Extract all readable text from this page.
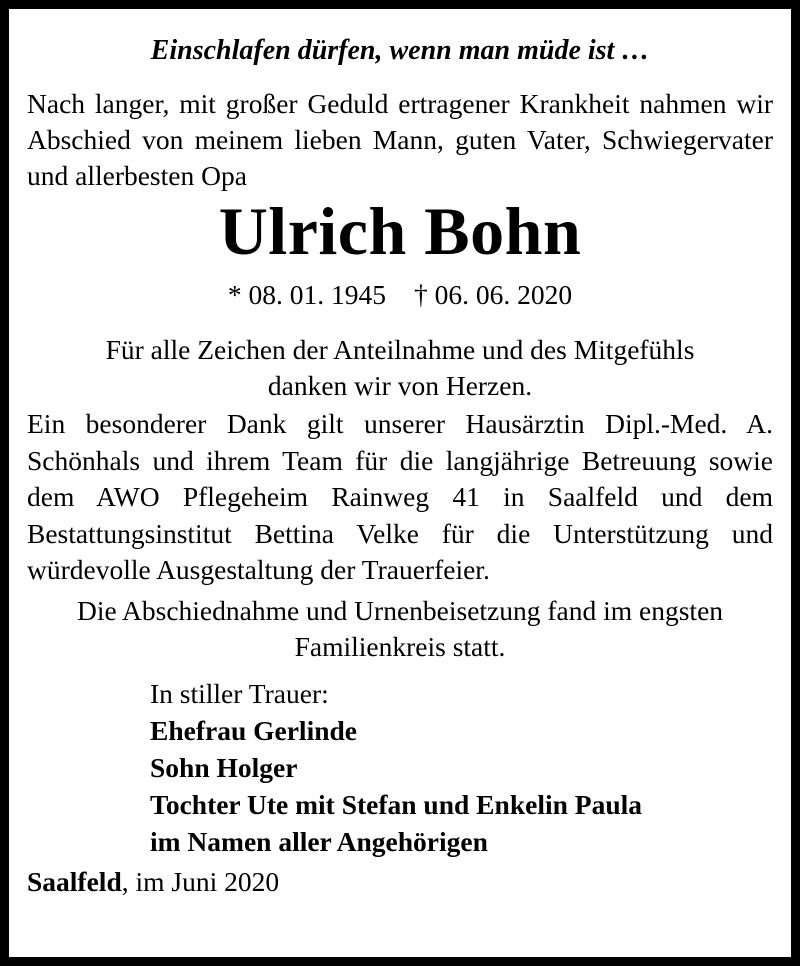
Einschlafen dürfen, wenn man müde ist …

Nach langer, mit großer Geduld ertragener Krankheit nahmen wir Abschied von meinem lieben Mann, guten Vater, Schwiegervater und allerbesten Opa

Ulrich Bohn

* 08. 01. 1945 † 06. 06. 2020

Für alle Zeichen der Anteilnahme und des Mitgefühls
danken wir von Herzen.

Ein besonderer Dank gilt unserer Hausärztin Dipl.-Med. A. Schönhals und ihrem Team für die langjährige Betreuung sowie dem AWO Pflegeheim Rainweg 41 in Saalfeld und dem Bestattungsinstitut Bettina Velke für die Unterstützung und würdevolle Ausgestaltung der Trauerfeier.

Die Abschiednahme und Urnenbeisetzung fand im engsten
Familienkreis statt.

In stiller Trauer:
Ehefrau Gerlinde
Sohn Holger
Tochter Ute mit Stefan und Enkelin Paula
im Namen aller Angehörigen

Saalfeld, im Juni 2020
